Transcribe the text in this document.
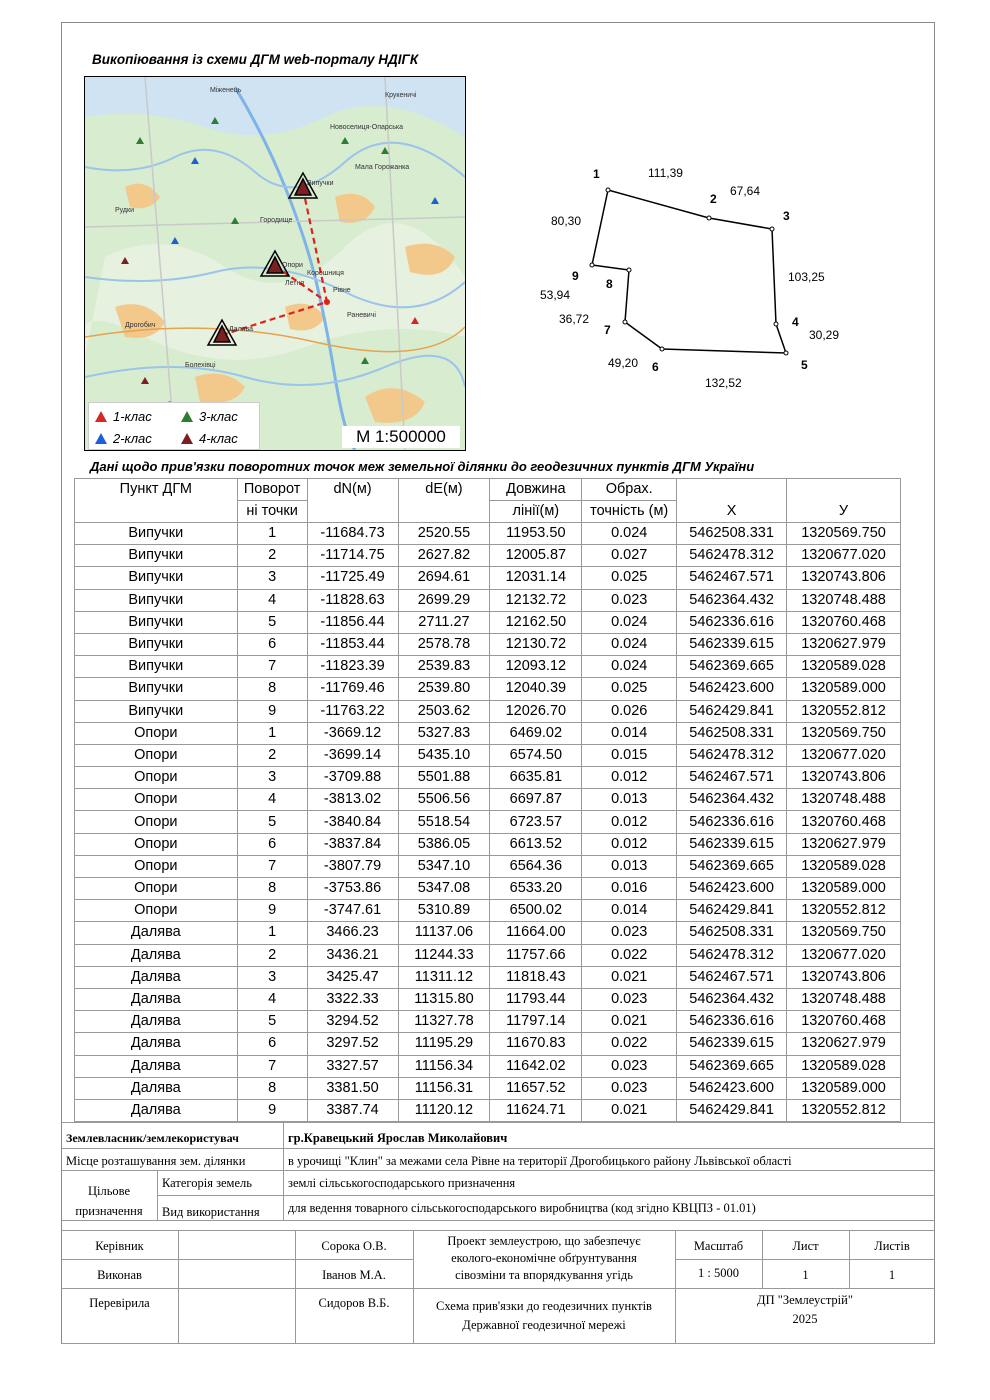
Викопіювання із схеми ДГМ web-порталу НДІГК
Випучки
Опори
Далява
Рівне
Дрогобич
Городище
Летня
Корошниця
Раневичі
Новоселиця-Опарська
Мала Горожанка
Міженець
Рудки
Крукеничі
Болехівці
1-клас
2-клас
3-клас
4-клас	М 1:500000
1
2
3
4
5
6
7
8
9
111,39
67,64
103,25
30,29
132,52
49,20
36,72
53,94
80,30
Дані щодо прив'язки поворотних точок меж земельної ділянки до геодезичних пунктів ДГМ України
Пункт ДГМ	Поворот	dN(м)	dE(м)	Довжина	Обрах.	X	У
	ні точки			лінії(м)	точність (м)		
Випучки	1	-11684.73	2520.55	11953.50	0.024	5462508.331	1320569.750
Випучки	2	-11714.75	2627.82	12005.87	0.027	5462478.312	1320677.020
Випучки	3	-11725.49	2694.61	12031.14	0.025	5462467.571	1320743.806
Випучки	4	-11828.63	2699.29	12132.72	0.023	5462364.432	1320748.488
Випучки	5	-11856.44	2711.27	12162.50	0.024	5462336.616	1320760.468
Випучки	6	-11853.44	2578.78	12130.72	0.024	5462339.615	1320627.979
Випучки	7	-11823.39	2539.83	12093.12	0.024	5462369.665	1320589.028
Випучки	8	-11769.46	2539.80	12040.39	0.025	5462423.600	1320589.000
Випучки	9	-11763.22	2503.62	12026.70	0.026	5462429.841	1320552.812
Опори	1	-3669.12	5327.83	6469.02	0.014	5462508.331	1320569.750
Опори	2	-3699.14	5435.10	6574.50	0.015	5462478.312	1320677.020
Опори	3	-3709.88	5501.88	6635.81	0.012	5462467.571	1320743.806
Опори	4	-3813.02	5506.56	6697.87	0.013	5462364.432	1320748.488
Опори	5	-3840.84	5518.54	6723.57	0.012	5462336.616	1320760.468
Опори	6	-3837.84	5386.05	6613.52	0.012	5462339.615	1320627.979
Опори	7	-3807.79	5347.10	6564.36	0.013	5462369.665	1320589.028
Опори	8	-3753.86	5347.08	6533.20	0.016	5462423.600	1320589.000
Опори	9	-3747.61	5310.89	6500.02	0.014	5462429.841	1320552.812
Далява	1	3466.23	11137.06	11664.00	0.023	5462508.331	1320569.750
Далява	2	3436.21	11244.33	11757.66	0.022	5462478.312	1320677.020
Далява	3	3425.47	11311.12	11818.43	0.021	5462467.571	1320743.806
Далява	4	3322.33	11315.80	11793.44	0.023	5462364.432	1320748.488
Далява	5	3294.52	11327.78	11797.14	0.021	5462336.616	1320760.468
Далява	6	3297.52	11195.29	11670.83	0.022	5462339.615	1320627.979
Далява	7	3327.57	11156.34	11642.02	0.023	5462369.665	1320589.028
Далява	8	3381.50	11156.31	11657.52	0.023	5462423.600	1320589.000
Далява	9	3387.74	11120.12	11624.71	0.021	5462429.841	1320552.812
Землевласник/землекористувач	гр.Кравецький Ярослав Миколайович
Місце розташування зем. ділянки	в урочищі "Клин" за межами села Рівне на території Дрогобицького району Львівської області
Цільове
призначення
Категорія земель	землі сільськогосподарського призначення
Вид використання	для ведення товарного сільськогосподарського виробництва (код згідно КВЦПЗ - 01.01)
Керівник	Сорока О.В.
Виконав	Іванов М.А.
Перевірила	Сидоров В.Б.
Проект землеустрою, що забезпечує
еколого-економічне обґрунтування
сівозміни та впорядкування угідь
Схема прив'язки до геодезичних пунктів
Державної геодезичної мережі
Масштаб	Лист	Листів
1 : 5000	1	1
ДП "Землеустрій"
2025
